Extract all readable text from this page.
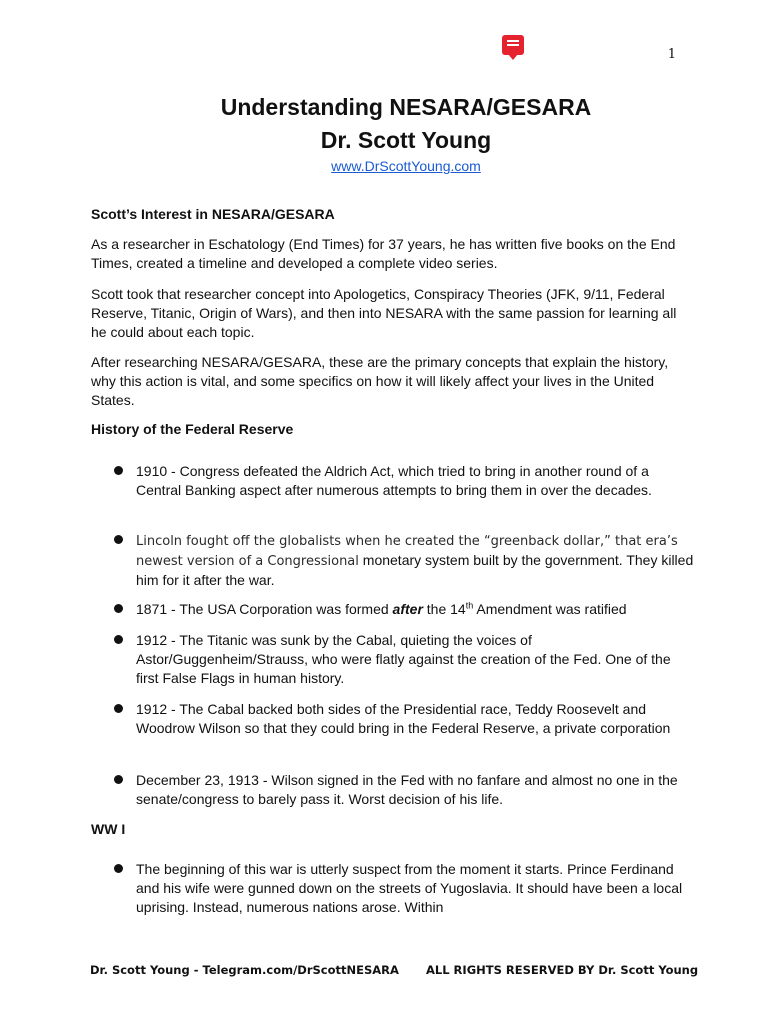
1
Understanding NESARA/GESARA
Dr. Scott Young
www.DrScottYoung.com
Scott’s Interest in NESARA/GESARA
As a researcher in Eschatology (End Times) for 37 years, he has written five books on the End Times, created a timeline and developed a complete video series.
Scott took that researcher concept into Apologetics, Conspiracy Theories (JFK, 9/11, Federal Reserve, Titanic, Origin of Wars), and then into NESARA with the same passion for learning all he could about each topic.
After researching NESARA/GESARA, these are the primary concepts that explain the history, why this action is vital, and some specifics on how it will likely affect your lives in the United States.
History of the Federal Reserve
1910 - Congress defeated the Aldrich Act, which tried to bring in another round of a Central Banking aspect after numerous attempts to bring them in over the decades.
Lincoln fought off the globalists when he created the “greenback dollar,” that era’s newest version of a Congressional monetary system built by the government. They killed him for it after the war.
1871 - The USA Corporation was formed after the 14th Amendment was ratified
1912 - The Titanic was sunk by the Cabal, quieting the voices of Astor/Guggenheim/Strauss, who were flatly against the creation of the Fed. One of the first False Flags in human history.
1912 - The Cabal backed both sides of the Presidential race, Teddy Roosevelt and Woodrow Wilson so that they could bring in the Federal Reserve, a private corporation
December 23, 1913 - Wilson signed in the Fed with no fanfare and almost no one in the senate/congress to barely pass it. Worst decision of his life.
WW I
The beginning of this war is utterly suspect from the moment it starts. Prince Ferdinand and his wife were gunned down on the streets of Yugoslavia. It should have been a local uprising. Instead, numerous nations arose. Within
Dr. Scott Young - Telegram.com/DrScottNESARA ALL RIGHTS RESERVED BY Dr. Scott Young
